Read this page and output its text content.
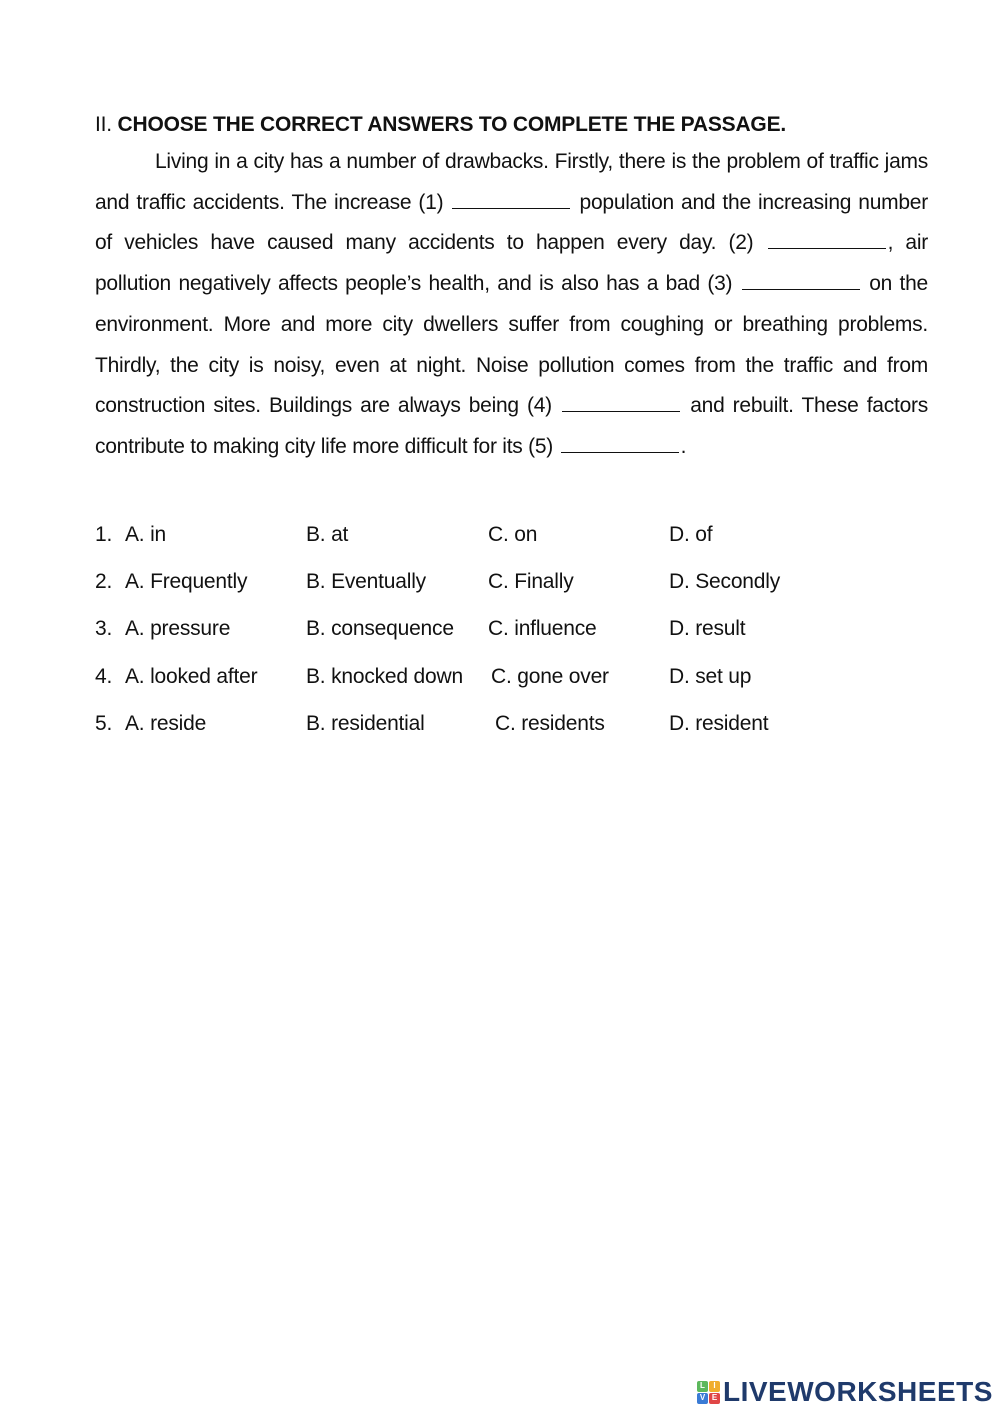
II. CHOOSE THE CORRECT ANSWERS TO COMPLETE THE PASSAGE.

Living in a city has a number of drawbacks. Firstly, there is the problem of traffic jams and traffic accidents. The increase (1)	population and the increasing number of vehicles have caused many accidents to happen every day. (2)	, air pollution negatively affects people’s health, and is also has a bad (3)	on the environment. More and more city dwellers suffer from coughing or breathing problems. Thirdly, the city is noisy, even at night. Noise pollution comes from the traffic and from construction sites. Buildings are always being (4)	and rebuilt. These factors contribute to making city life more difficult for its (5)	.

1. A. in	B. at	C. on	D. of
2. A. Frequently	B. Eventually	C. Finally	D. Secondly
3. A. pressure	B. consequence C. influence	D. result
4. A. looked after B. knocked down C. gone over	D. set up
5. A. reside	B. residential	C. residents	D. resident
L	I
V E LIVEWORKSHEETS
